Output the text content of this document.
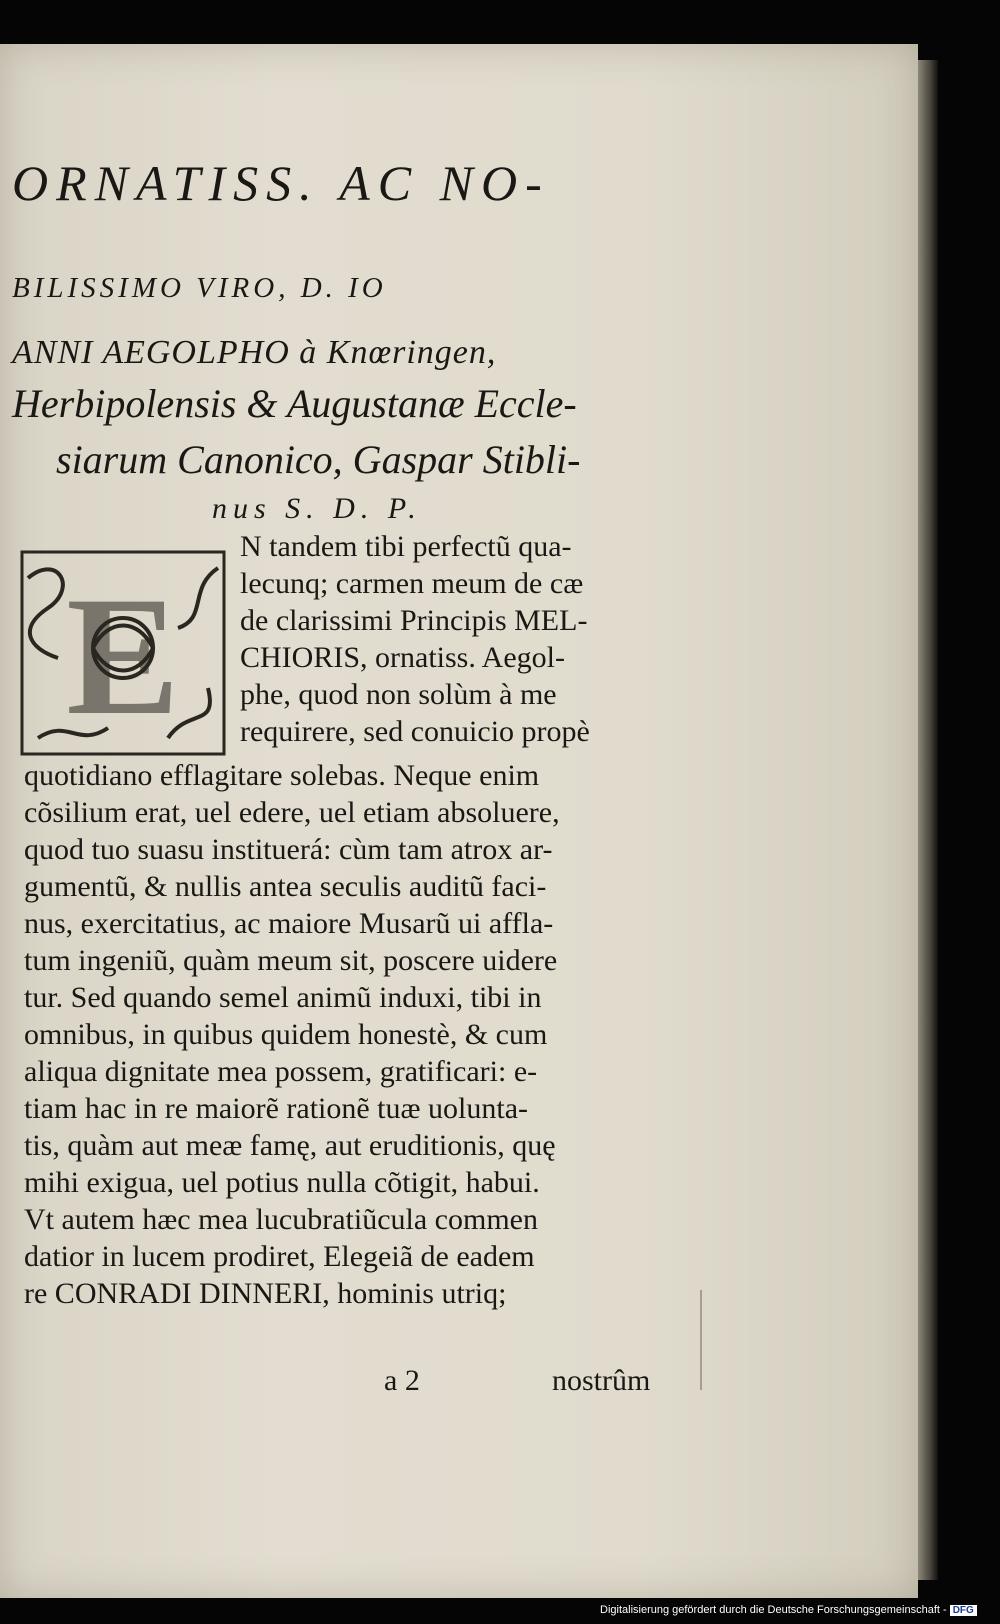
ORNATISS. AC NO-
BILISSIMO VIRO, D. IO
ANNI AEGOLPHO à Knœringen,
Herbipolensis & Augustanæ Eccle-
siarum Canonico, Gaspar Stibli-
nus S. D. P.
E
N tandem tibi perfectũ qua-
lecunq; carmen meum de cæ
de clarissimi Principis MEL-
CHIORIS, ornatiss. Aegol-
phe, quod non solùm à me
requirere, sed conuicio propè
quotidiano efflagitare solebas. Neque enim
cõsilium erat, uel edere, uel etiam absoluere,
quod tuo suasu instituerá: cùm tam atrox ar-
gumentũ, & nullis antea seculis auditũ faci-
nus, exercitatius, ac maiore Musarũ ui affla-
tum ingeniũ, quàm meum sit, poscere uidere
tur. Sed quando semel animũ induxi, tibi in
omnibus, in quibus quidem honestè, & cum
aliqua dignitate mea possem, gratificari: e-
tiam hac in re maiorẽ rationẽ tuæ uolunta-
tis, quàm aut meæ famę, aut eruditionis, quę
mihi exigua, uel potius nulla cõtigit, habui.
Vt autem hæc mea lucubratiũcula commen
datior in lucem prodiret, Elegeiã de eadem
re CONRADI DINNERI, hominis utriq;
a 2	nostrûm
Digitalisierung gefördert durch die Deutsche Forschungsgemeinschaft - DFG
